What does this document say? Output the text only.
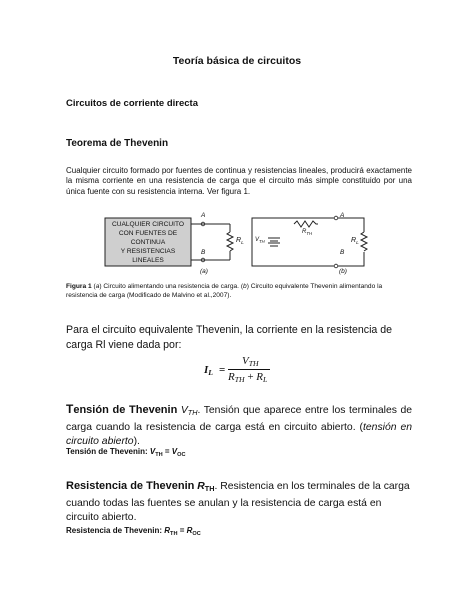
Teoría básica de circuitos
Circuitos de corriente directa
Teorema de Thevenin
Cualquier circuito formado por fuentes de continua y resistencias lineales, producirá exactamente la misma corriente en una resistencia de carga que el circuito más simple constituido por una única fuente con su resistencia interna. Ver figura 1.
CUALQUIER CIRCUITO
CON FUENTES DE
CONTINUA
Y RESISTENCIAS
LINEALES
A
B
$R_L$
$V_{TH}$
$R_{TH}$
A
B
$R_L$
(a)	(b)
Figura 1 (a) Circuito alimentando una resistencia de carga. (b) Circuito equivalente Thevenin alimentando la resistencia de carga (Modificado de Malvino et al.,2007).
Para el circuito equivalente Thevenin, la corriente en la resistencia de carga Rl viene dada por:
$I_L$ =
$V_{TH}$
$R_{TH} + R_L$
Tensión de Thevenin $V_{TH}$. Tensión que aparece entre los terminales de carga cuando la resistencia de carga está en circuito abierto. (tensión en circuito abierto).
Tensión de Thevenin: $V_{TH} = V_{OC}$
Resistencia de Thevenin $R_{TH}$. Resistencia en los terminales de la carga cuando todas las fuentes se anulan y la resistencia de carga está en circuito abierto.
Resistencia de Thevenin: $R_{TH} = R_{OC}$
